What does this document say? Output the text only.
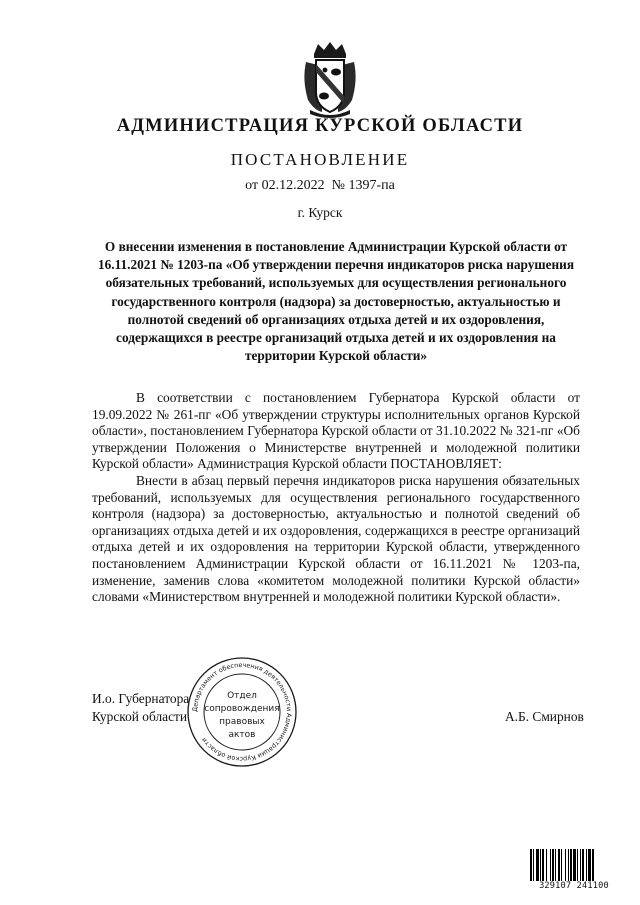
АДМИНИСТРАЦИЯ КУРСКОЙ ОБЛАСТИ
ПОСТАНОВЛЕНИЕ
от 02.12.2022  № 1397-па
г. Курск
О внесении изменения в постановление Администрации Курской области от 16.11.2021 № 1203-па «Об утверждении перечня индикаторов риска нарушения обязательных требований, используемых для осуществления регионального государственного контроля (надзора) за достоверностью, актуальностью и полнотой сведений об организациях отдыха детей и их оздоровления, содержащихся в реестре организаций отдыха детей и их оздоровления на территории Курской области»

В соответствии с постановлением Губернатора Курской области от 19.09.2022 № 261-пг «Об утверждении структуры исполнительных органов Курской области», постановлением Губернатора Курской области от 31.10.2022 № 321-пг «Об утверждении Положения о Министерстве внутренней и молодежной политики Курской области» Администрация Курской области ПОСТАНОВЛЯЕТ:

Внести в абзац первый перечня индикаторов риска нарушения обязательных требований, используемых для осуществления регионального государственного контроля (надзора) за достоверностью, актуальностью и полнотой сведений об организациях отдыха детей и их оздоровления, содержащихся в реестре организаций отдыха детей и их оздоровления на территории Курской области, утвержденного постановлением Администрации Курской области от 16.11.2021 № 1203-па, изменение, заменив слова «комитетом молодежной политики Курской области» словами «Министерством внутренней и молодежной политики Курской области».

И.о. Губернатора
Курской области	А.Б. Смирнов
Департамент обеспечения деятельности Администрации Курской области
Отдел
сопровождения
правовых
актов
329107 241100
